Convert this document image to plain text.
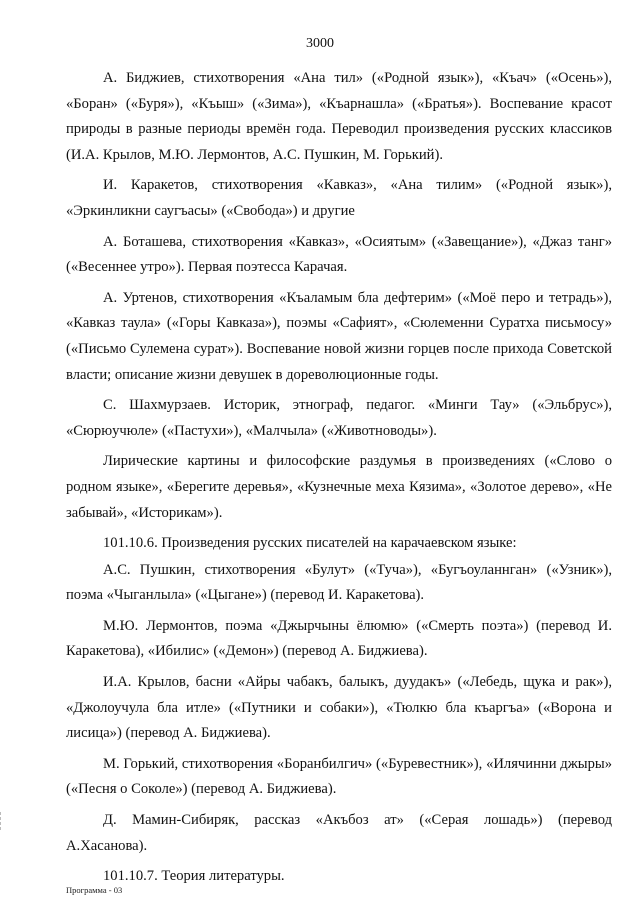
3000

А. Биджиев, стихотворения «Ана тил» («Родной язык»), «Къач» («Осень»), «Боран» («Буря»), «Къыш» («Зима»), «Къарнашла» («Братья»). Воспевание красот природы в разные периоды времён года. Переводил произведения русских классиков (И.А. Крылов, М.Ю. Лермонтов, А.С. Пушкин, М. Горький).

И. Каракетов, стихотворения «Кавказ», «Ана тилим» («Родной язык»), «Эркинликни саугъасы» («Свобода») и другие

А. Боташева, стихотворения «Кавказ», «Осиятым» («Завещание»), «Джаз танг» («Весеннее утро»). Первая поэтесса Карачая.

А. Уртенов, стихотворения «Къаламым бла дефтерим» («Моё перо и тетрадь»), «Кавказ таула» («Горы Кавказа»), поэмы «Сафият», «Сюлеменни Суратха письмосу» («Письмо Сулемена сурат»). Воспевание новой жизни горцев после прихода Советской власти; описание жизни девушек в дореволюционные годы.

С. Шахмурзаев. Историк, этнограф, педагог. «Минги Тау» («Эльбрус»), «Сюрюучюле» («Пастухи»), «Малчыла» («Животноводы»).

Лирические картины и философские раздумья в произведениях («Слово о родном языке», «Берегите деревья», «Кузнечные меха Кязима», «Золотое дерево», «Не забывай», «Историкам»).

101.10.6. Произведения русских писателей на карачаевском языке:

А.С. Пушкин, стихотворения «Булут» («Туча»), «Бугъоуланнган» («Узник»), поэма «Чыганлыла» («Цыгане») (перевод И. Каракетова).

М.Ю. Лермонтов, поэма «Джырчыны ёлюмю» («Смерть поэта») (перевод И. Каракетова), «Ибилис» («Демон») (перевод А. Биджиева).

И.А. Крылов, басни «Айры чабакъ, балыкъ, дуудакъ» («Лебедь, щука и рак»), «Джолоучула бла итле» («Путники и собаки»), «Тюлкю бла къаргъа» («Ворона и лисица») (перевод А. Биджиева).

М. Горький, стихотворения «Боранбилгич» («Буревестник»), «Илячинни джыры» («Песня о Соколе») (перевод А. Биджиева).

Д. Мамин-Сибиряк, рассказ «Акъбоз ат» («Серая лошадь») (перевод А.Хасанова).

101.10.7. Теория литературы.

Программа - 03
